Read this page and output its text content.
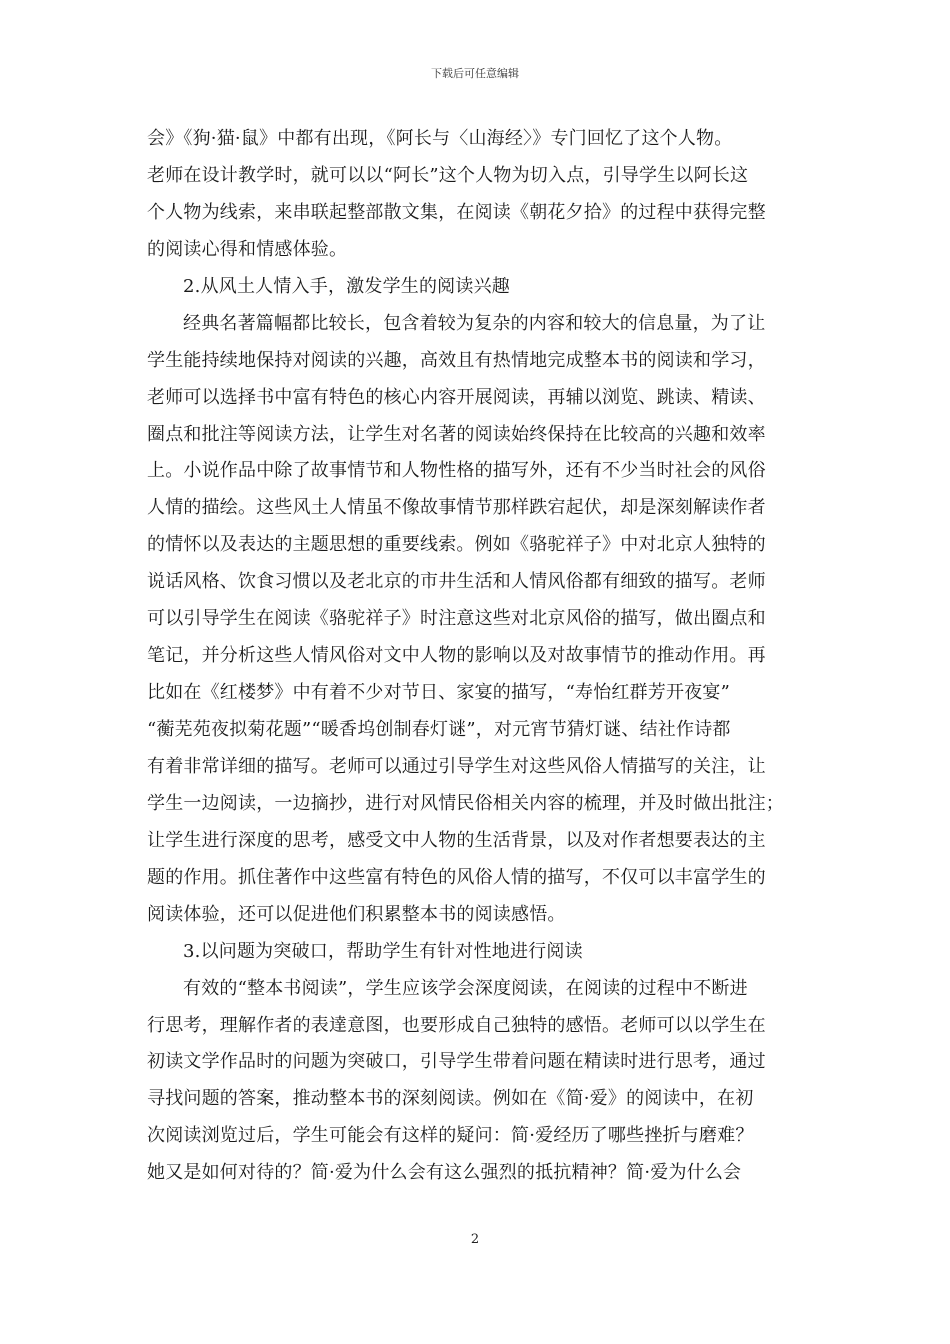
下载后可任意编辑
会》《狗·猫·鼠》中都有出现，《阿长与〈山海经〉》专门回忆了这个人物。
老师在设计教学时，就可以以“阿长”这个人物为切入点，引导学生以阿长这
个人物为线索，来串联起整部散文集，在阅读《朝花夕拾》的过程中获得完整
的阅读心得和情感体验。
2.从风土人情入手，激发学生的阅读兴趣
经典名著篇幅都比较长，包含着较为复杂的内容和较大的信息量，为了让
学生能持续地保持对阅读的兴趣，高效且有热情地完成整本书的阅读和学习，
老师可以选择书中富有特色的核心内容开展阅读，再辅以浏览、跳读、精读、
圈点和批注等阅读方法，让学生对名著的阅读始终保持在比较高的兴趣和效率
上。小说作品中除了故事情节和人物性格的描写外，还有不少当时社会的风俗
人情的描绘。这些风土人情虽不像故事情节那样跌宕起伏，却是深刻解读作者
的情怀以及表达的主题思想的重要线索。例如《骆驼祥子》中对北京人独特的
说话风格、饮食习惯以及老北京的市井生活和人情风俗都有细致的描写。老师
可以引导学生在阅读《骆驼祥子》时注意这些对北京风俗的描写，做出圈点和
笔记，并分析这些人情风俗对文中人物的影响以及对故事情节的推动作用。再
比如在《红楼梦》中有着不少对节日、家宴的描写，“寿怡红群芳开夜宴”
“蘅芜苑夜拟菊花题”“暖香坞创制春灯谜”，对元宵节猜灯谜、结社作诗都
有着非常详细的描写。老师可以通过引导学生对这些风俗人情描写的关注，让
学生一边阅读，一边摘抄，进行对风情民俗相关内容的梳理，并及时做出批注；
让学生进行深度的思考，感受文中人物的生活背景，以及对作者想要表达的主
题的作用。抓住著作中这些富有特色的风俗人情的描写，不仅可以丰富学生的
阅读体验，还可以促进他们积累整本书的阅读感悟。
3.以问题为突破口，帮助学生有针对性地进行阅读
有效的“整本书阅读”，学生应该学会深度阅读，在阅读的过程中不断进
行思考，理解作者的表達意图，也要形成自己独特的感悟。老师可以以学生在
初读文学作品时的问题为突破口，引导学生带着问题在精读时进行思考，通过
寻找问题的答案，推动整本书的深刻阅读。例如在《简·爱》的阅读中，在初
次阅读浏览过后，学生可能会有这样的疑问：简·爱经历了哪些挫折与磨难？
她又是如何对待的？简·爱为什么会有这么强烈的抵抗精神？简·爱为什么会
2
